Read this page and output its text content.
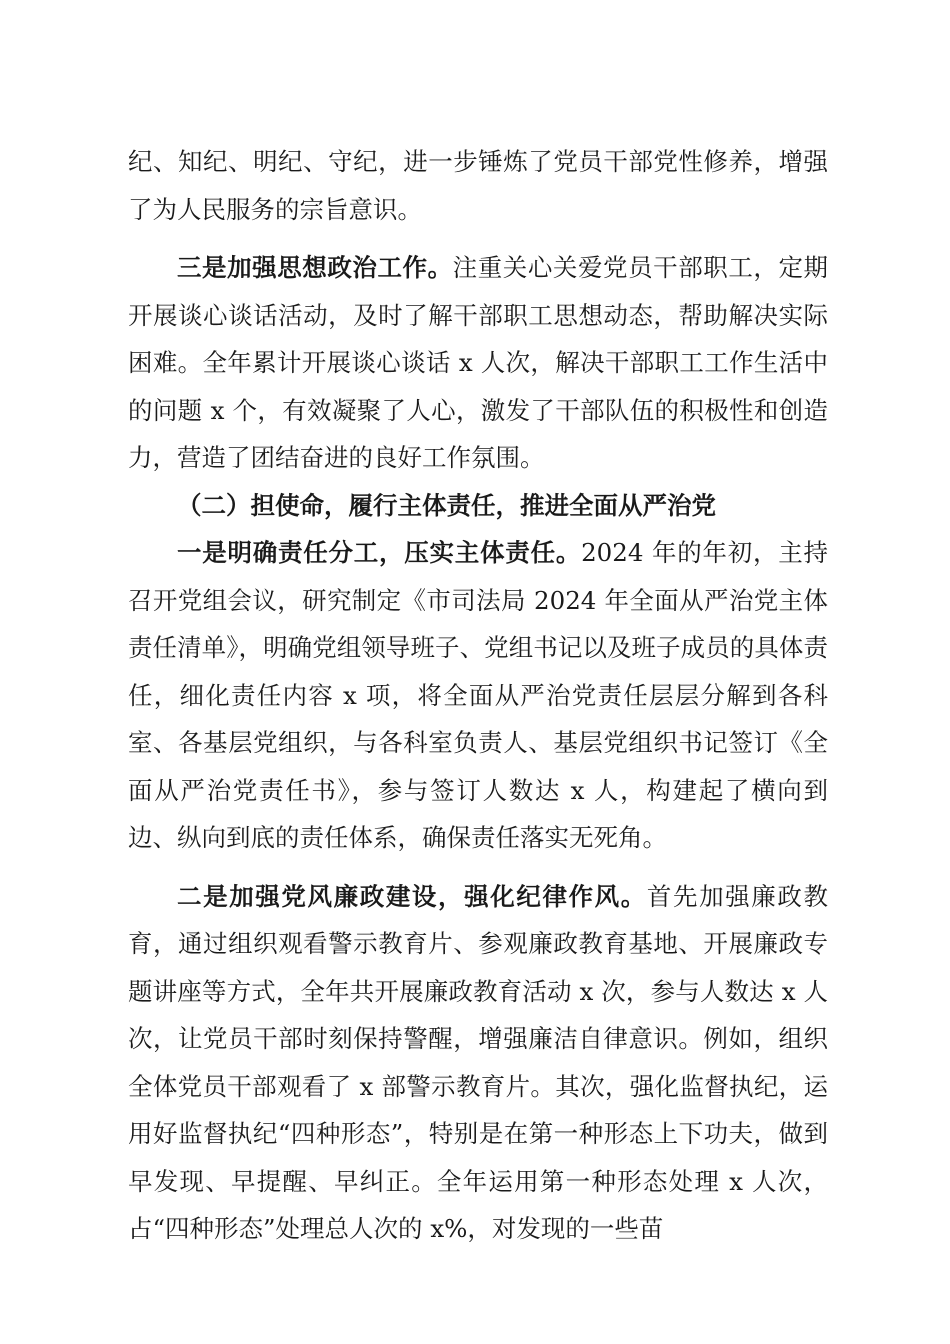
纪、知纪、明纪、守纪，进一步锤炼了党员干部党性修养，增强了为人民服务的宗旨意识。

三是加强思想政治工作。注重关心关爱党员干部职工，定期开展谈心谈话活动，及时了解干部职工思想动态，帮助解决实际困难。全年累计开展谈心谈话 x 人次，解决干部职工工作生活中的问题 x 个，有效凝聚了人心，激发了干部队伍的积极性和创造力，营造了团结奋进的良好工作氛围。

（二）担使命，履行主体责任，推进全面从严治党

一是明确责任分工，压实主体责任。2024 年的年初，主持召开党组会议，研究制定《市司法局 2024 年全面从严治党主体责任清单》，明确党组领导班子、党组书记以及班子成员的具体责任，细化责任内容 x 项，将全面从严治党责任层层分解到各科室、各基层党组织，与各科室负责人、基层党组织书记签订《全面从严治党责任书》，参与签订人数达 x 人，构建起了横向到边、纵向到底的责任体系，确保责任落实无死角。

二是加强党风廉政建设，强化纪律作风。首先加强廉政教育，通过组织观看警示教育片、参观廉政教育基地、开展廉政专题讲座等方式，全年共开展廉政教育活动 x 次，参与人数达 x 人次，让党员干部时刻保持警醒，增强廉洁自律意识。例如，组织全体党员干部观看了 x 部警示教育片。其次，强化监督执纪，运用好监督执纪“四种形态”，特别是在第一种形态上下功夫，做到早发现、早提醒、早纠正。全年运用第一种形态处理 x 人次，占“四种形态”处理总人次的 x%，对发现的一些苗
